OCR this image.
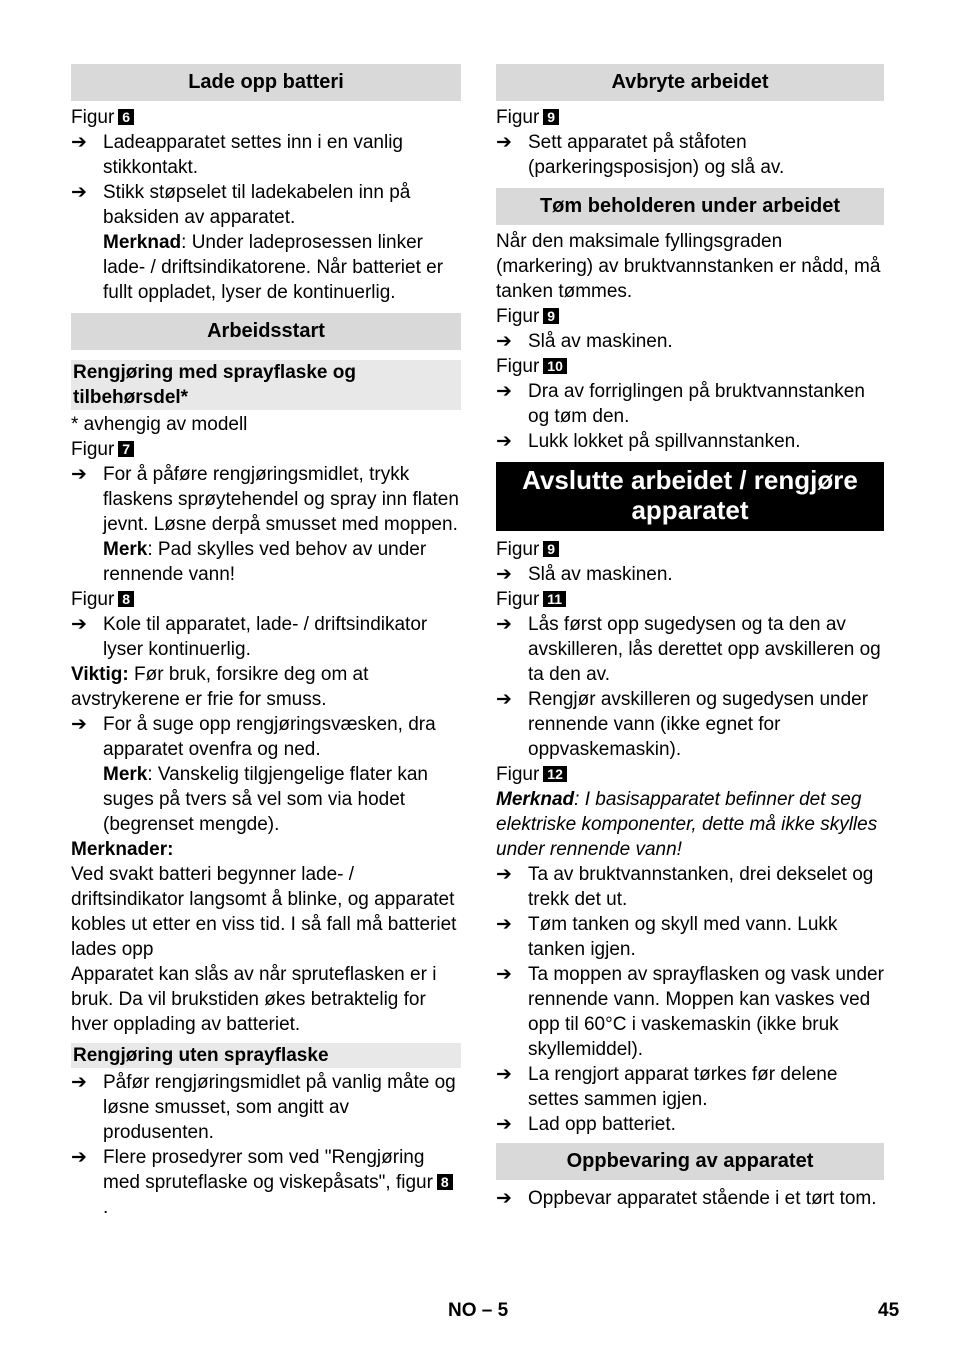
Lade opp batteri

Figur 6

➔ Ladeapparatet settes inn i en vanlig stikkontakt.
➔ Stikk støpselet til ladekabelen inn på baksiden av apparatet.

Merknad: Under ladeprosessen linker lade- / driftsindikatorene. Når batteriet er fullt oppladet, lyser de kontinuerlig.

Arbeidsstart
Rengjøring med sprayflaske og tilbehørsdel*

* avhengig av modell

Figur 7

➔ For å påføre rengjøringsmidlet, trykk flaskens sprøytehendel og spray inn flaten jevnt. Løsne derpå smusset med moppen.

Merk: Pad skylles ved behov av under rennende vann!

Figur 8

➔ Kole til apparatet, lade- / driftsindikator lyser kontinuerlig.

Viktig: Før bruk, forsikre deg om at avstrykerene er frie for smuss.

➔ For å suge opp rengjøringsvæsken, dra apparatet ovenfra og ned.

Merk: Vanskelig tilgjengelige flater kan suges på tvers så vel som via hodet (begrenset mengde).

Merknader:

Ved svakt batteri begynner lade- / driftsindikator langsomt å blinke, og apparatet kobles ut etter en viss tid. I så fall må batteriet lades opp

Apparatet kan slås av når spruteflasken er i bruk. Da vil brukstiden økes betraktelig for hver opplading av batteriet.

Rengjøring uten sprayflaske
➔ Påfør rengjøringsmidlet på vanlig måte og løsne smusset, som angitt av produsenten.
➔ Flere prosedyrer som ved "Rengjøring med spruteflaske og viskepåsats", figur 8 .
Avbryte arbeidet

Figur 9

➔ Sett apparatet på ståfoten (parkeringsposisjon) og slå av.
Tøm beholderen under arbeidet

Når den maksimale fyllingsgraden (markering) av bruktvannstanken er nådd, må tanken tømmes.

Figur 9

➔ Slå av maskinen.

Figur 10

➔ Dra av forriglingen på bruktvannstanken og tøm den.
➔ Lukk lokket på spillvannstanken.
Avslutte arbeidet / rengjøre apparatet

Figur 9

➔ Slå av maskinen.

Figur 11

➔ Lås først opp sugedysen og ta den av avskilleren, lås derettet opp avskilleren og ta den av.
➔ Rengjør avskilleren og sugedysen under rennende vann (ikke egnet for oppvaskemaskin).

Figur 12

Merknad: I basisapparatet befinner det seg elektriske komponenter, dette må ikke skylles under rennende vann!

➔ Ta av bruktvannstanken, drei dekselet og trekk det ut.
➔ Tøm tanken og skyll med vann. Lukk tanken igjen.
➔ Ta moppen av sprayflasken og vask under rennende vann. Moppen kan vaskes ved opp til 60°C i vaskemaskin (ikke bruk skyllemiddel).
➔ La rengjort apparat tørkes før delene settes sammen igjen.
➔ Lad opp batteriet.
Oppbevaring av apparatet
➔ Oppbevar apparatet stående i et tørt tom.
NO – 5	45
